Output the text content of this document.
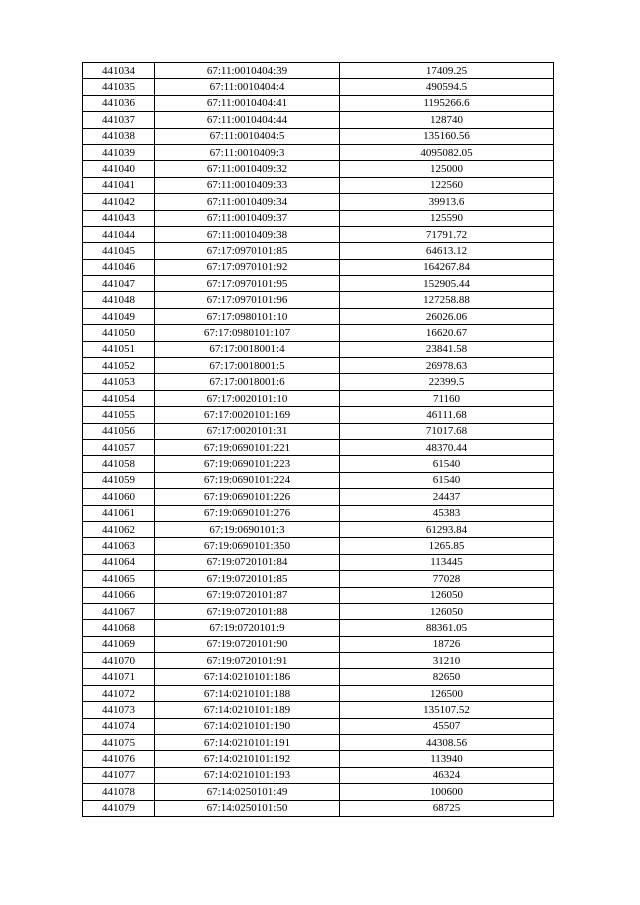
441034	67:11:0010404:39	17409.25
441035	67:11:0010404:4	490594.5
441036	67:11:0010404:41	1195266.6
441037	67:11:0010404:44	128740
441038	67:11:0010404:5	135160.56
441039	67:11:0010409:3	4095082.05
441040	67:11:0010409:32	125000
441041	67:11:0010409:33	122560
441042	67:11:0010409:34	39913.6
441043	67:11:0010409:37	125590
441044	67:11:0010409:38	71791.72
441045	67:17:0970101:85	64613.12
441046	67:17:0970101:92	164267.84
441047	67:17:0970101:95	152905.44
441048	67:17:0970101:96	127258.88
441049	67:17:0980101:10	26026.06
441050	67:17:0980101:107	16620.67
441051	67:17:0018001:4	23841.58
441052	67:17:0018001:5	26978.63
441053	67:17:0018001:6	22399.5
441054	67:17:0020101:10	71160
441055	67:17:0020101:169	46111.68
441056	67:17:0020101:31	71017.68
441057	67:19:0690101:221	48370.44
441058	67:19:0690101:223	61540
441059	67:19:0690101:224	61540
441060	67:19:0690101:226	24437
441061	67:19:0690101:276	45383
441062	67:19:0690101:3	61293.84
441063	67:19:0690101:350	1265.85
441064	67:19:0720101:84	113445
441065	67:19:0720101:85	77028
441066	67:19:0720101:87	126050
441067	67:19:0720101:88	126050
441068	67:19:0720101:9	88361.05
441069	67:19:0720101:90	18726
441070	67:19:0720101:91	31210
441071	67:14:0210101:186	82650
441072	67:14:0210101:188	126500
441073	67:14:0210101:189	135107.52
441074	67:14:0210101:190	45507
441075	67:14:0210101:191	44308.56
441076	67:14:0210101:192	113940
441077	67:14:0210101:193	46324
441078	67:14:0250101:49	100600
441079	67:14:0250101:50	68725
